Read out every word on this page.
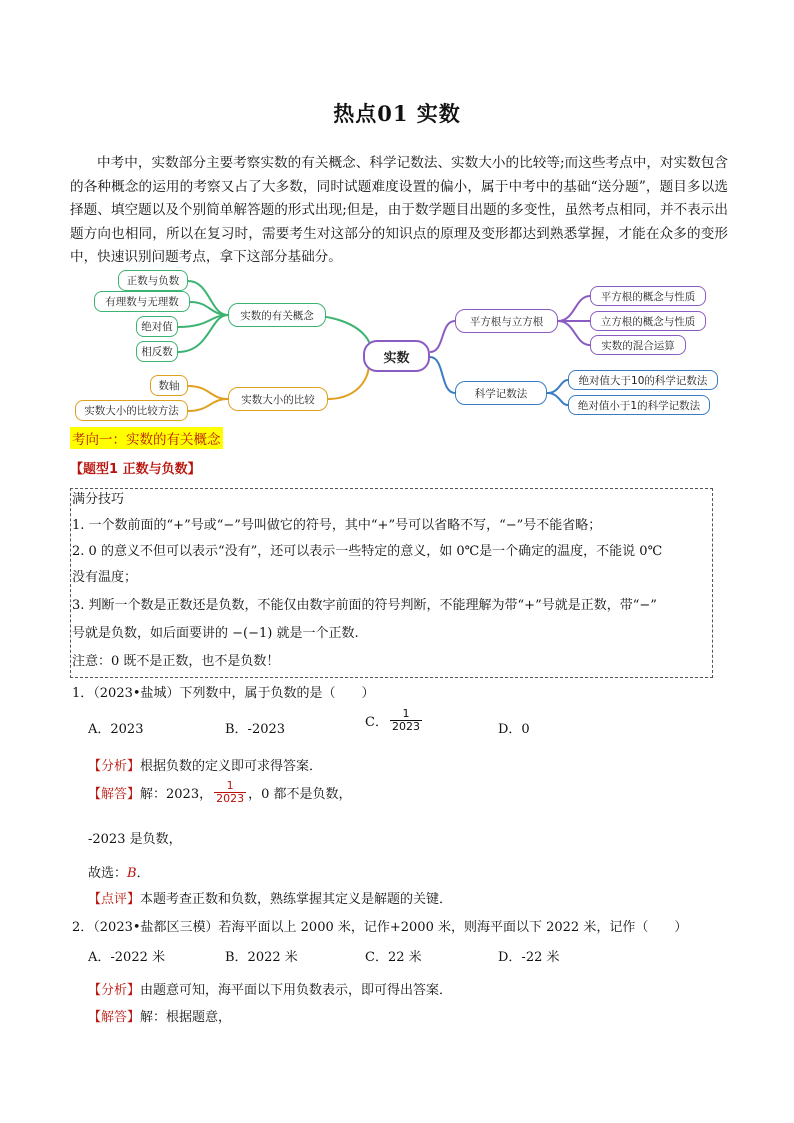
热点01 实数
中考中，实数部分主要考察实数的有关概念、科学记数法、实数大小的比较等;而这些考点中，对实数包含的各种概念的运用的考察又占了大多数，同时试题难度设置的偏小，属于中考中的基础“送分题”，题目多以选择题、填空题以及个别简单解答题的形式出现;但是，由于数学题目出题的多变性，虽然考点相同，并不表示出题方向也相同，所以在复习时，需要考生对这部分的知识点的原理及变形都达到熟悉掌握，才能在众多的变形中，快速识别问题考点，拿下这部分基础分。
实数
实数的有关概念
正数与负数
有理数与无理数
绝对值
相反数
实数大小的比较
数轴
实数大小的比较方法
平方根与立方根
平方根的概念与性质
立方根的概念与性质
实数的混合运算
科学记数法
绝对值大于10的科学记数法
绝对值小于1的科学记数法
考向一：实数的有关概念
【题型1 正数与负数】
满分技巧
1. 一个数前面的“+”号或“−”号叫做它的符号，其中“+”号可以省略不写，“−”号不能省略；
2. 0 的意义不但可以表示“没有”，还可以表示一些特定的意义，如 0℃是一个确定的温度，不能说 0℃
没有温度；
3. 判断一个数是正数还是负数，不能仅由数字前面的符号判断，不能理解为带“+”号就是正数，带“−”
号就是负数，如后面要讲的 −(−1) 就是一个正数.
注意：0 既不是正数，也不是负数！
1．（2023•盐城）下列数中，属于负数的是（　　）
A．2023	B．-2023	C． $\frac{1}{2023}$	D．0
【分析】根据负数的定义即可求得答案．
【解答】 解：2023， $\frac{1}{2023}$ ，0 都不是负数，
-2023 是负数，
故选：B．
【点评】本题考查正数和负数，熟练掌握其定义是解题的关键．
2．（2023•盐都区三模）若海平面以上 2000 米，记作+2000 米，则海平面以下 2022 米，记作（　　）
A．-2022 米	B．2022 米	C．22 米	D．-22 米
【分析】由题意可知，海平面以下用负数表示，即可得出答案．
【解答】解：根据题意，
